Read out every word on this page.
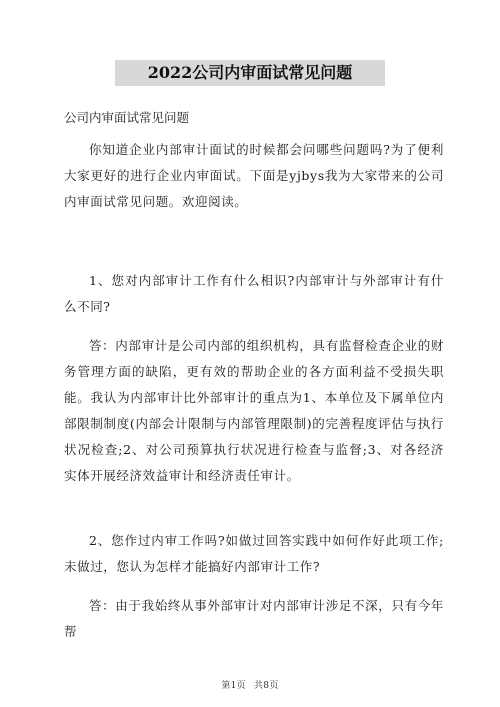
2022公司内审面试常见问题
公司内审面试常见问题

你知道企业内部审计面试的时候都会问哪些问题吗?为了便利大家更好的进行企业内审面试。下面是yjbys我为大家带来的公司内审面试常见问题。欢迎阅读。

1、您对内部审计工作有什么相识?内部审计与外部审计有什么不同?

答：内部审计是公司内部的组织机构，具有监督检查企业的财务管理方面的缺陷，更有效的帮助企业的各方面利益不受损失职能。我认为内部审计比外部审计的重点为1、本单位及下属单位内部限制制度(内部会计限制与内部管理限制)的完善程度评估与执行状况检查;2、对公司预算执行状况进行检查与监督;3、对各经济实体开展经济效益审计和经济责任审计。

2、您作过内审工作吗?如做过回答实践中如何作好此项工作;未做过，您认为怎样才能搞好内部审计工作?

答：由于我始终从事外部审计对内部审计涉足不深，只有今年帮

第1页 共8页
